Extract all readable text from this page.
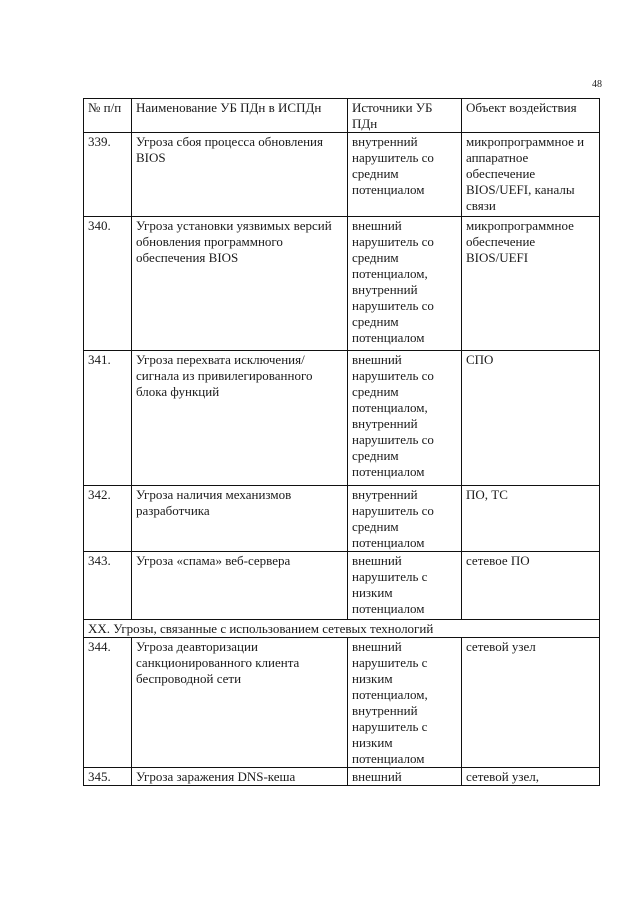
48
№ п/п	Наименование УБ ПДн в ИСПДн	Источники УБ ПДн	Объект воздействия
339.	Угроза сбоя процесса обновления BIOS	внутренний нарушитель со средним потенциалом	микропрограммное и аппаратное обеспечение BIOS/UEFI, каналы связи
340.	Угроза установки уязвимых версий обновления программного обеспечения BIOS	внешний нарушитель со средним потенциалом, внутренний нарушитель со средним потенциалом	микропрограммное обеспечение BIOS/UEFI
341.	Угроза перехвата исключения/сигнала из привилегированного блока функций	внешний нарушитель со средним потенциалом, внутренний нарушитель со средним потенциалом	СПО
342.	Угроза наличия механизмов разработчика	внутренний нарушитель со средним потенциалом	ПО, ТС
343.	Угроза «спама» веб-сервера	внешний нарушитель с низким потенциалом	сетевое ПО
XX. Угрозы, связанные с использованием сетевых технологий			
344.	Угроза деавторизации санкционированного клиента беспроводной сети	внешний нарушитель с низким потенциалом, внутренний нарушитель с низким потенциалом	сетевой узел
345.	Угроза заражения DNS-кеша	внешний	сетевой узел,
